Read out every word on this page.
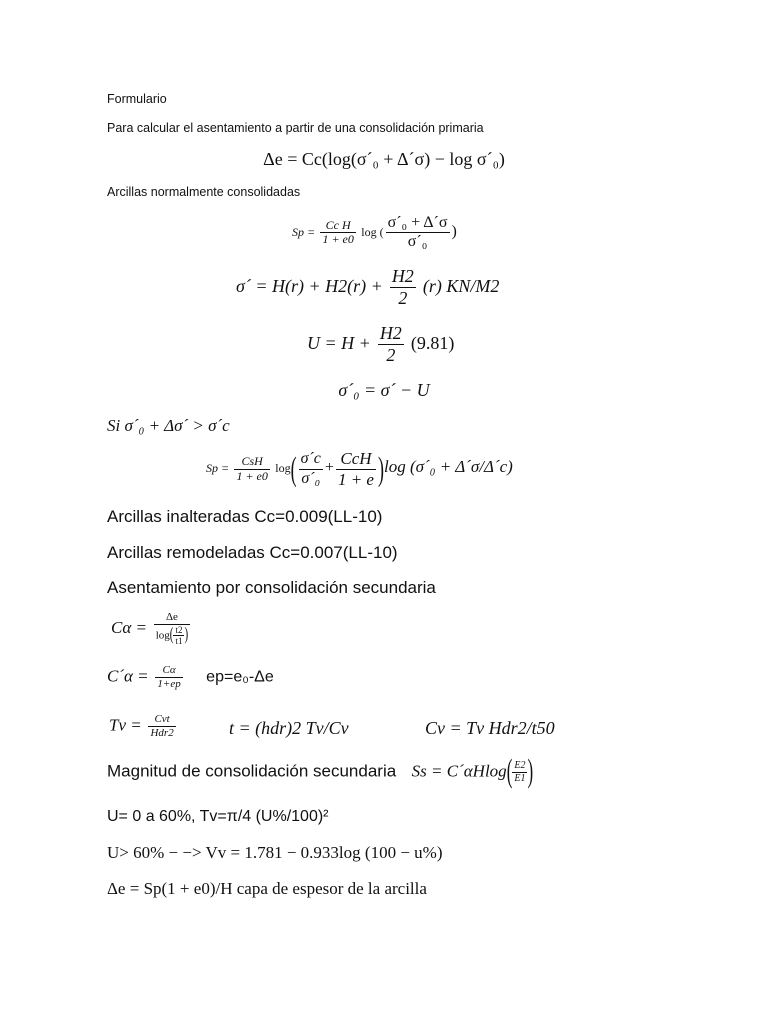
Formulario
Para calcular el asentamiento a partir de una consolidación primaria
Δe = Cc(log(σ´₀ + Δ´σ) − log σ´₀)
Arcillas normalmente consolidadas
$Sp = \frac{\text{Cc H}}{1 + e0}$ log ( $\frac{\text{σ´₀ + Δ´σ}}{\text{σ´₀}}$ )
σ´ = $H(r) + H2(r) + \frac{H2}{2} (r)$ KN/M2
$U = H + \frac{H2}{2} (9.81)$
σ´₀ = σ´ − U
Si σ´₀ + Δσ´ > σ´c
$Sp = \frac{\text{CsH}}{1 + e0} \log( \frac{\sigma´c}{\text{σ´₀}} + \frac{\text{CcH}}{1 + e} )\log$ (σ´₀ + Δ´σ/Δ´c)
Arcillas inalteradas Cc=0.009(LL-10)
Arcillas remodeladas Cc=0.007(LL-10)
Asentamiento por consolidación secundaria
$C\alpha = \frac{\Delta e}{\log( \frac{t2}{t1} )}$
C´α = $\frac{C\alpha}{1+ep} ep=e_0-\Delta e$
$Tv = \frac{\text{Cvt}}{\text{Hdr2}}$	t = (hdr)2 Tv/Cv	Cv = Tv Hdr2/t50
Magnitud de consolidación secundaria Ss = C´αHlog( $\frac{E2}{E1}$ )
U= 0 a 60%, Tv=π/4 (U%/100)²
U> 60% − −> Vv = 1.781 − 0.933log (100 − u%)
Δe = Sp(1 + e0)/H capa de espesor de la arcilla
